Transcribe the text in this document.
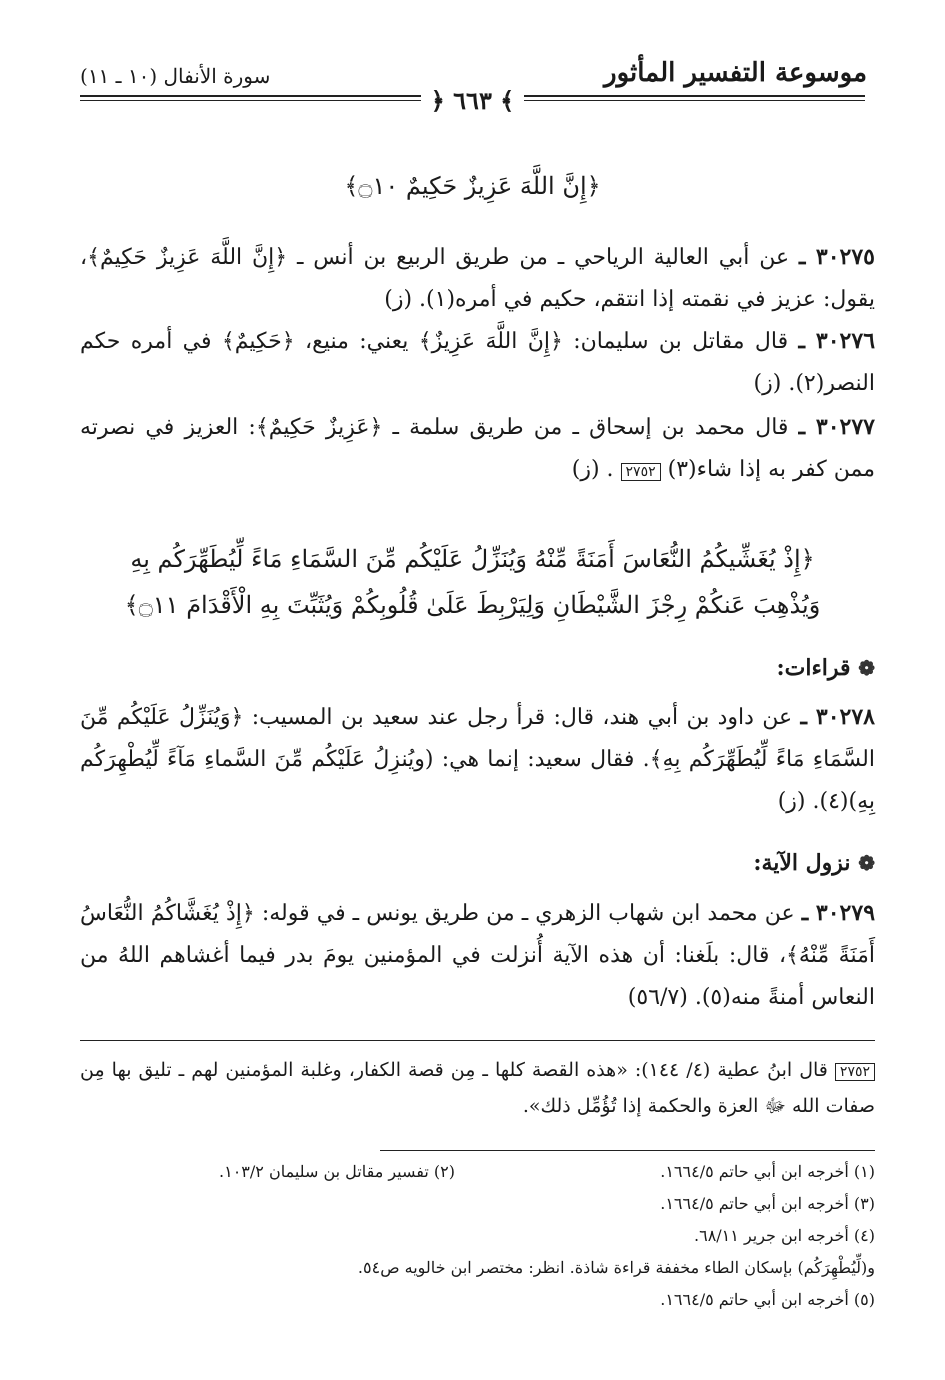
موسوعة التفسير المأثور
سورة الأنفال (١٠ ـ ١١)
﴾ ٦٦٣ ﴿
﴿إِنَّ اللَّهَ عَزِيزٌ حَكِيمٌ ۝١٠﴾
٣٠٢٧٥ ـ عن أبي العالية الرياحي ـ من طريق الربيع بن أنس ـ ﴿إِنَّ اللَّهَ عَزِيزٌ حَكِيمٌ﴾، يقول: عزيز في نقمته إذا انتقم، حكيم في أمره(١). (ز)
٣٠٢٧٦ ـ قال مقاتل بن سليمان: ﴿إِنَّ اللَّهَ عَزِيزٌ﴾ يعني: منيع، ﴿حَكِيمٌ﴾ في أمره حكم النصر(٢). (ز)
٣٠٢٧٧ ـ قال محمد بن إسحاق ـ من طريق سلمة ـ ﴿عَزِيزٌ حَكِيمٌ﴾: العزيز في نصرته ممن كفر به إذا شاء(٣) ٢٧٥٢ . (ز)
﴿إِذْ يُغَشِّيكُمُ النُّعَاسَ أَمَنَةً مِّنْهُ وَيُنَزِّلُ عَلَيْكُم مِّنَ السَّمَاءِ مَاءً لِّيُطَهِّرَكُم بِهِ
وَيُذْهِبَ عَنكُمْ رِجْزَ الشَّيْطَانِ وَلِيَرْبِطَ عَلَىٰ قُلُوبِكُمْ وَيُثَبِّتَ بِهِ الْأَقْدَامَ ۝١١﴾
❁ قراءات:
٣٠٢٧٨ ـ عن داود بن أبي هند، قال: قرأ رجل عند سعيد بن المسيب: ﴿وَيُنَزِّلُ عَلَيْكُم مِّنَ السَّمَاءِ مَاءً لِّيُطَهِّرَكُم بِهِ﴾. فقال سعيد: إنما هي: (ويُنزِلُ عَلَيْكُم مِّنَ السَّماءِ مَآءً لِّيُطْهِرَكُم بِهِ)(٤). (ز)
❁ نزول الآية:
٣٠٢٧٩ ـ عن محمد ابن شهاب الزهري ـ من طريق يونس ـ في قوله: ﴿إِذْ يُغَشَّاكُمُ النُّعَاسُ أَمَنَةً مِّنْهُ﴾، قال: بلَغنا: أن هذه الآية أُنزلت في المؤمنين يومَ بدر فيما أغشاهم اللهُ من النعاس أمنةً منه(٥). (٥٦/٧)
٢٧٥٢ قال ابنُ عطية (٤/ ١٤٤): «هذه القصة كلها ـ مِن قصة الكفار، وغلبة المؤمنين لهم ـ تليق بها مِن صفات الله ﷻ العزة والحكمة إذا تُؤُمِّل ذلك».
(١) أخرجه ابن أبي حاتم ١٦٦٤/٥.
(٢) تفسير مقاتل بن سليمان ١٠٣/٢.
(٣) أخرجه ابن أبي حاتم ١٦٦٤/٥.
(٤) أخرجه ابن جرير ٦٨/١١.
و(لِّيُطْهِرَكُم) بإسكان الطاء مخففة قراءة شاذة. انظر: مختصر ابن خالويه ص٥٤.
(٥) أخرجه ابن أبي حاتم ١٦٦٤/٥.
